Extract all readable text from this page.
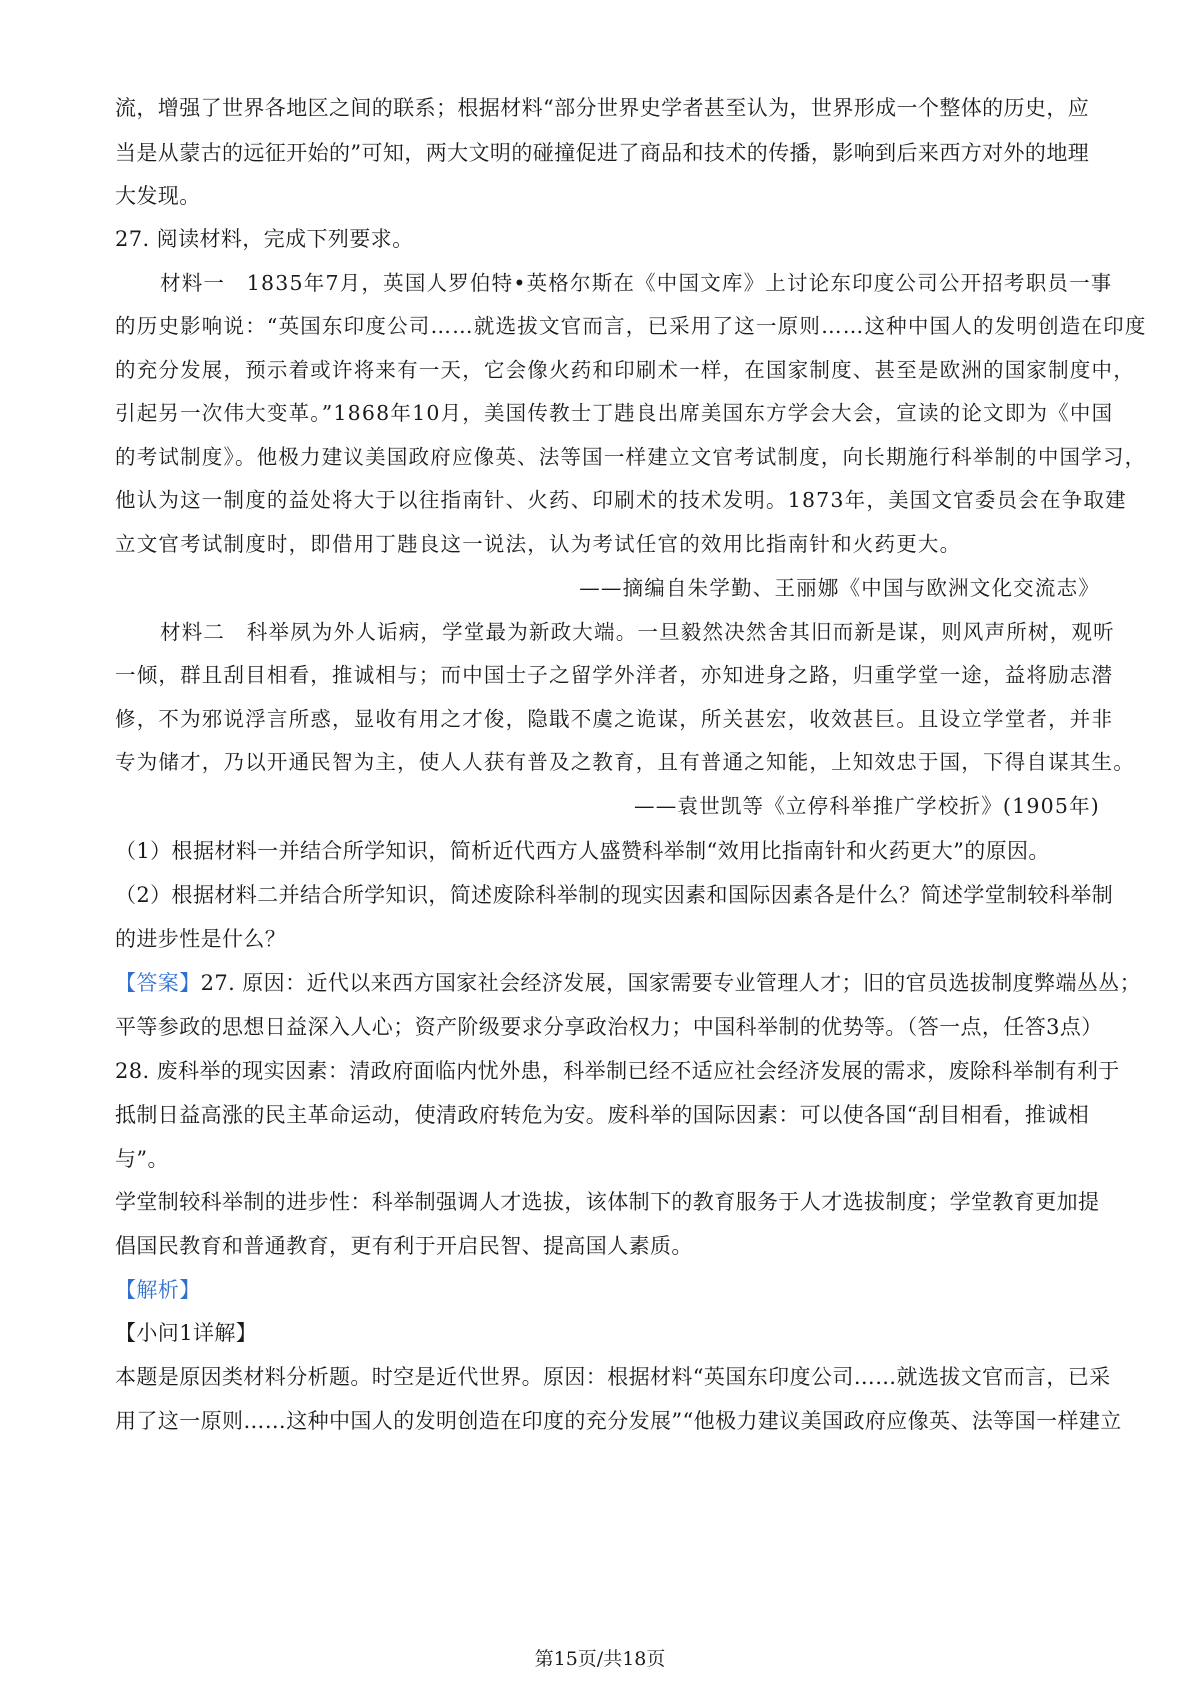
流，增强了世界各地区之间的联系；根据材料“部分世界史学者甚至认为，世界形成一个整体的历史，应
当是从蒙古的远征开始的”可知，两大文明的碰撞促进了商品和技术的传播，影响到后来西方对外的地理
大发现。
27. 阅读材料，完成下列要求。
材料一　1835年7月，英国人罗伯特•英格尔斯在《中国文库》上讨论东印度公司公开招考职员一事
的历史影响说：“英国东印度公司……就选拔文官而言，已采用了这一原则……这种中国人的发明创造在印度
的充分发展，预示着或许将来有一天，它会像火药和印刷术一样，在国家制度、甚至是欧洲的国家制度中，
引起另一次伟大变革。”1868年10月，美国传教士丁韪良出席美国东方学会大会，宣读的论文即为《中国
的考试制度》。他极力建议美国政府应像英、法等国一样建立文官考试制度，向长期施行科举制的中国学习，
他认为这一制度的益处将大于以往指南针、火药、印刷术的技术发明。1873年，美国文官委员会在争取建
立文官考试制度时，即借用丁韪良这一说法，认为考试任官的效用比指南针和火药更大。
——摘编自朱学勤、王丽娜《中国与欧洲文化交流志》
材料二　科举夙为外人诟病，学堂最为新政大端。一旦毅然决然舍其旧而新是谋，则风声所树，观听
一倾，群且刮目相看，推诚相与；而中国士子之留学外洋者，亦知进身之路，归重学堂一途，益将励志潜
修，不为邪说浮言所惑，显收有用之才俊，隐戢不虞之诡谋，所关甚宏，收效甚巨。且设立学堂者，并非
专为储才，乃以开通民智为主，使人人获有普及之教育，且有普通之知能，上知效忠于国，下得自谋其生。
——袁世凯等《立停科举推广学校折》(1905年)
（1）根据材料一并结合所学知识，简析近代西方人盛赞科举制“效用比指南针和火药更大”的原因。
（2）根据材料二并结合所学知识，简述废除科举制的现实因素和国际因素各是什么？简述学堂制较科举制
的进步性是什么？
【答案】27. 原因：近代以来西方国家社会经济发展，国家需要专业管理人才；旧的官员选拔制度弊端丛丛；
平等参政的思想日益深入人心；资产阶级要求分享政治权力；中国科举制的优势等。（答一点，任答3点）
28. 废科举的现实因素：清政府面临内忧外患，科举制已经不适应社会经济发展的需求，废除科举制有利于
抵制日益高涨的民主革命运动，使清政府转危为安。废科举的国际因素：可以使各国“刮目相看，推诚相
与”。
学堂制较科举制的进步性：科举制强调人才选拔，该体制下的教育服务于人才选拔制度；学堂教育更加提
倡国民教育和普通教育，更有利于开启民智、提高国人素质。
【解析】
【小问1详解】
本题是原因类材料分析题。时空是近代世界。原因：根据材料“英国东印度公司……就选拔文官而言，已采
用了这一原则……这种中国人的发明创造在印度的充分发展”“他极力建议美国政府应像英、法等国一样建立
第15页/共18页
